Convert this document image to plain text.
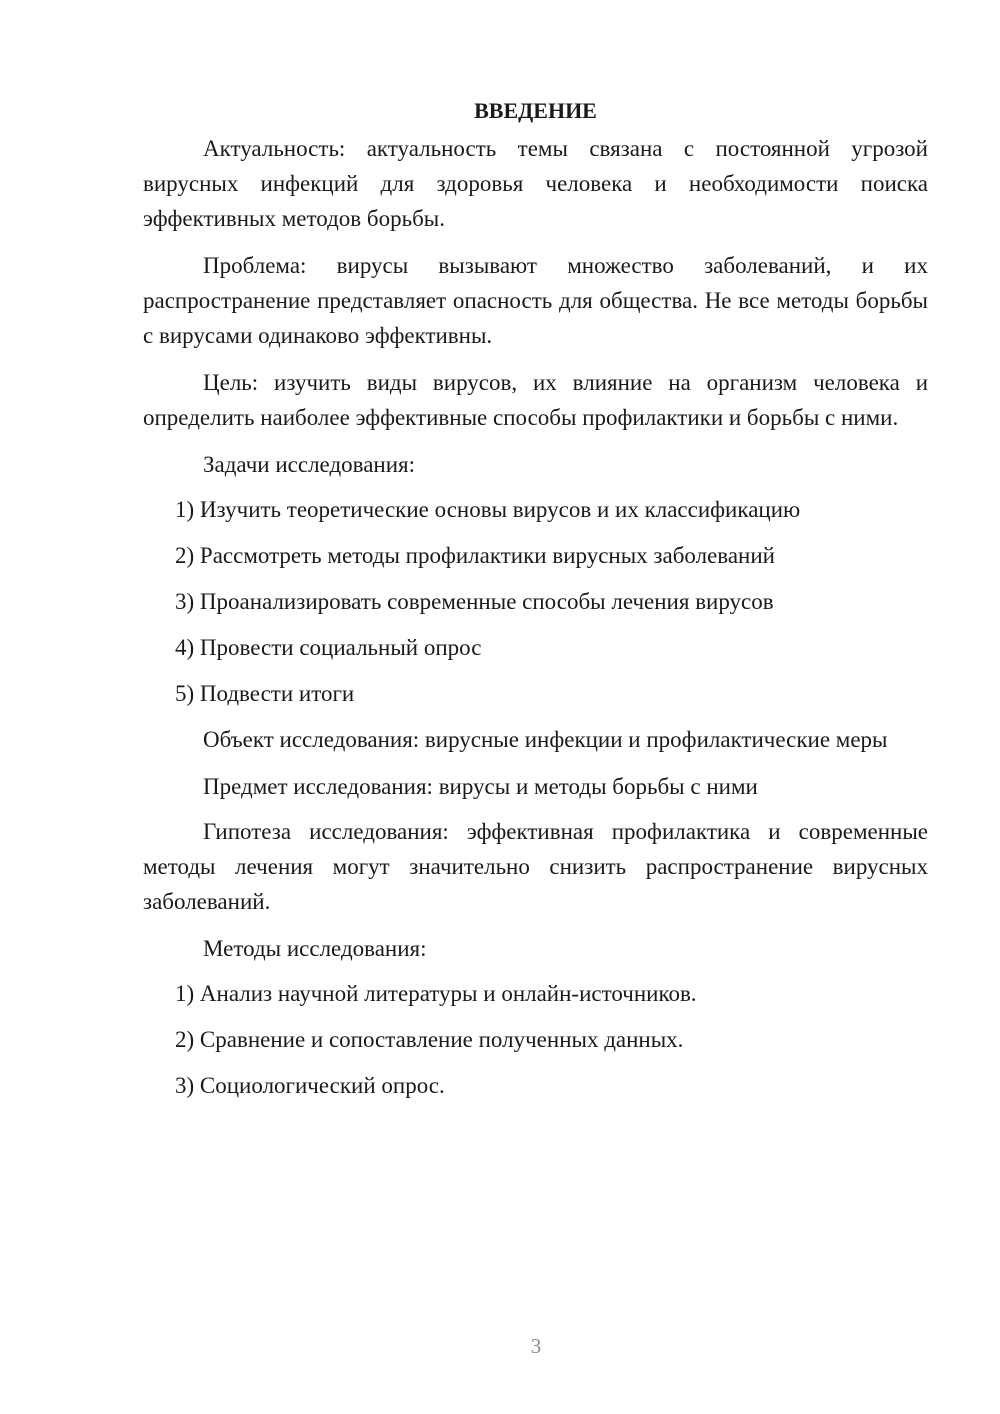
ВВЕДЕНИЕ
Актуальность: актуальность темы связана с постоянной угрозой вирусных инфекций для здоровья человека и необходимости поиска эффективных методов борьбы.
Проблема: вирусы вызывают множество заболеваний, и их распространение представляет опасность для общества. Не все методы борьбы с вирусами одинаково эффективны.
Цель: изучить виды вирусов, их влияние на организм человека и определить наиболее эффективные способы профилактики и борьбы с ними.
Задачи исследования:
1) Изучить теоретические основы вирусов и их классификацию
2) Рассмотреть методы профилактики вирусных заболеваний
3) Проанализировать современные способы лечения вирусов
4) Провести социальный опрос
5) Подвести итоги
Объект исследования: вирусные инфекции и профилактические меры
Предмет исследования: вирусы и методы борьбы с ними
Гипотеза исследования: эффективная профилактика и современные методы лечения могут значительно снизить распространение вирусных заболеваний.
Методы исследования:
1) Анализ научной литературы и онлайн-источников.
2) Сравнение и сопоставление полученных данных.
3) Социологический опрос.
3
